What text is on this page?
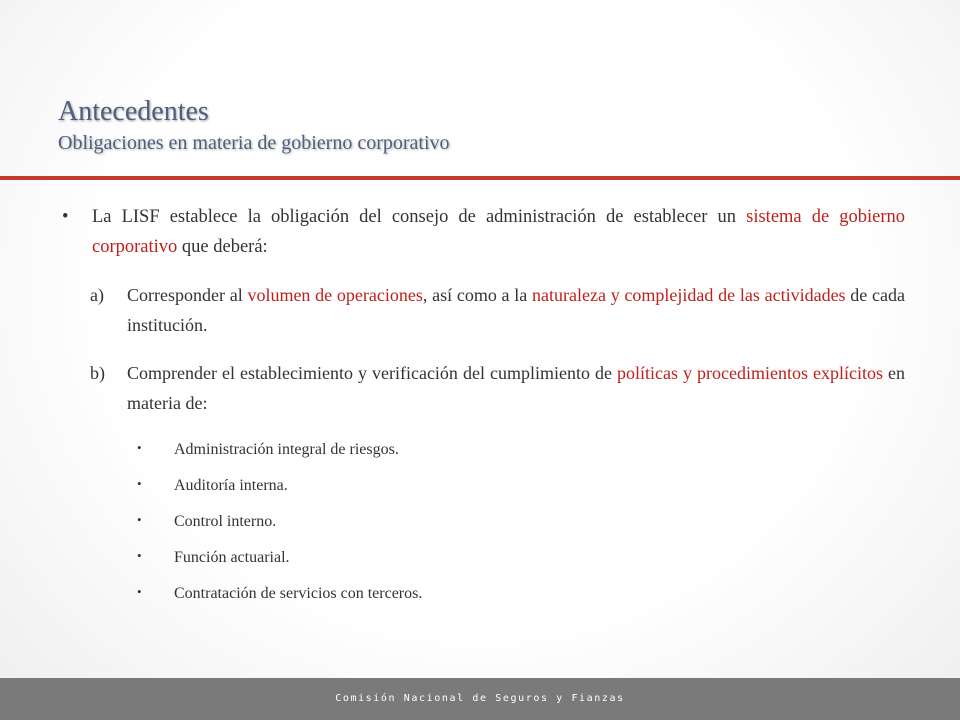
Antecedentes
Obligaciones en materia de gobierno corporativo
• La LISF establece la obligación del consejo de administración de establecer un sistema de gobierno corporativo que deberá:
a) Corresponder al volumen de operaciones, así como a la naturaleza y complejidad de las actividades de cada institución.
b) Comprender el establecimiento y verificación del cumplimiento de políticas y procedimientos explícitos en materia de:
• Administración integral de riesgos.
• Auditoría interna.
• Control interno.
• Función actuarial.
• Contratación de servicios con terceros.
Comisión Nacional de Seguros y Fianzas
